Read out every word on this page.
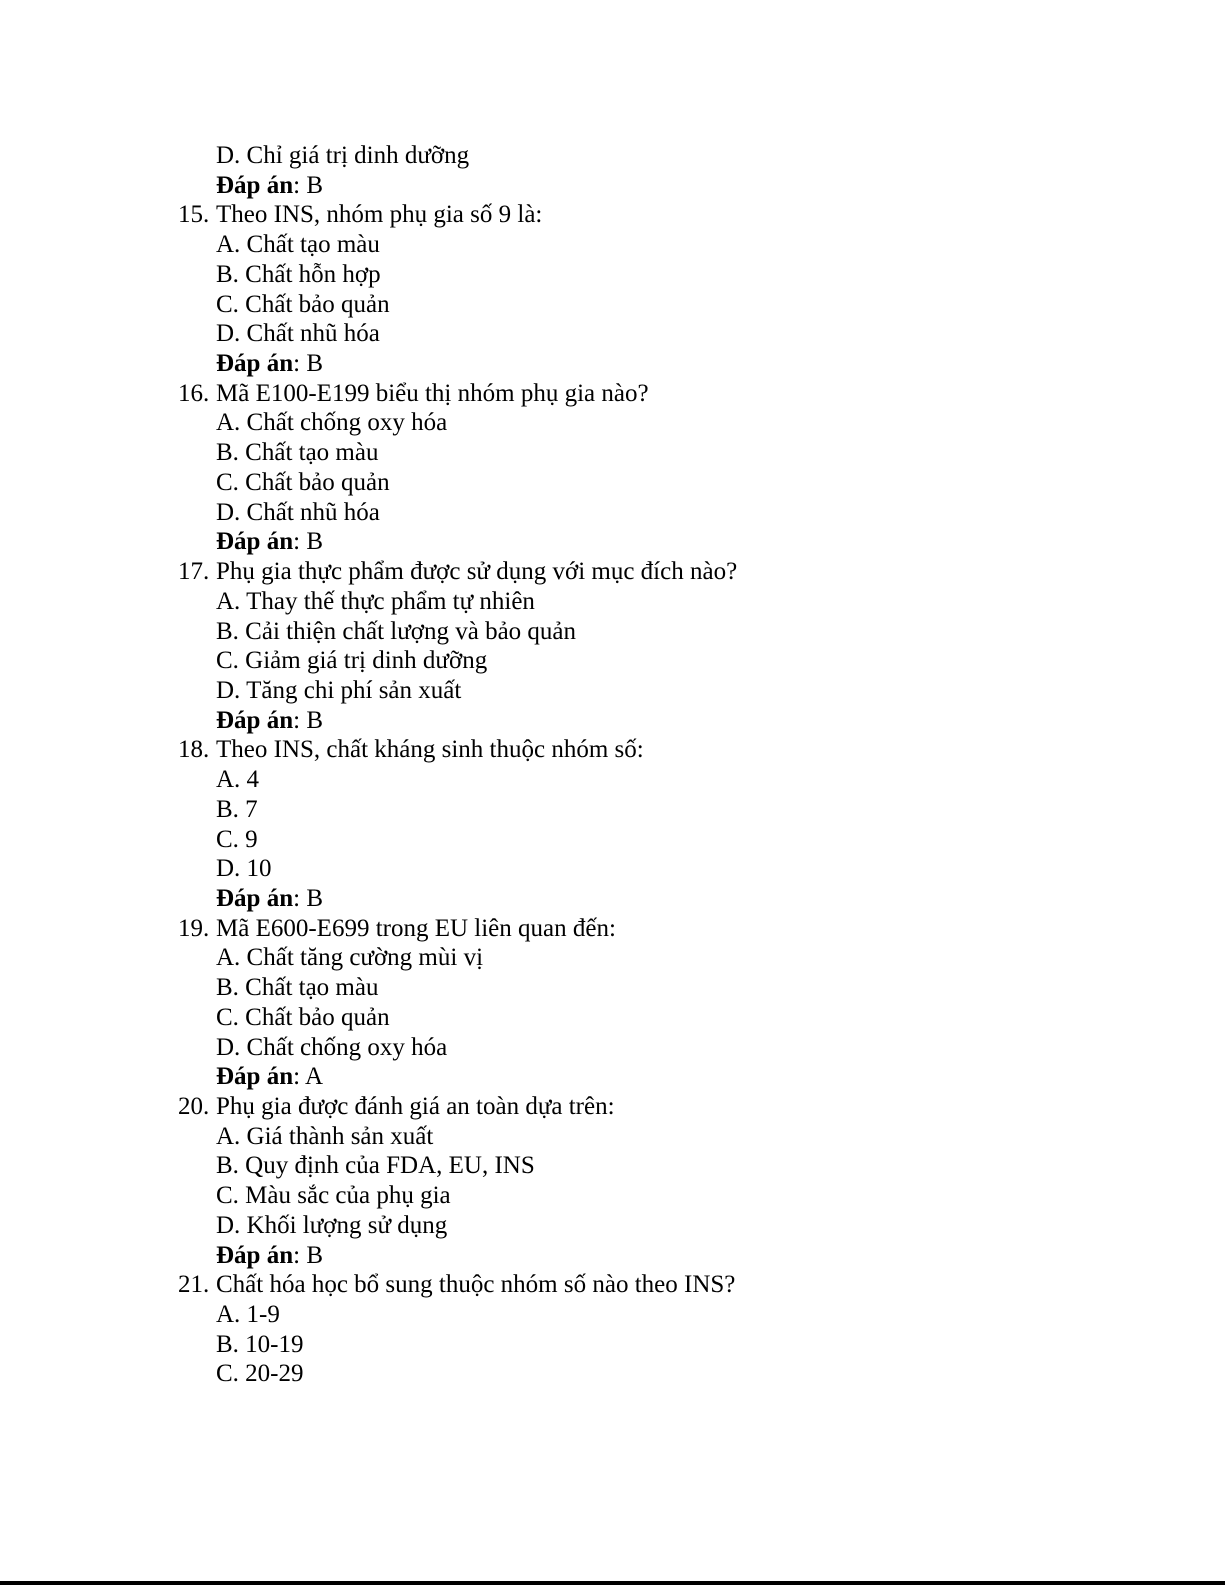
D. Chỉ giá trị dinh dưỡng
Đáp án: B
15. Theo INS, nhóm phụ gia số 9 là:
A. Chất tạo màu
B. Chất hỗn hợp
C. Chất bảo quản
D. Chất nhũ hóa
Đáp án: B
16. Mã E100-E199 biểu thị nhóm phụ gia nào?
A. Chất chống oxy hóa
B. Chất tạo màu
C. Chất bảo quản
D. Chất nhũ hóa
Đáp án: B
17. Phụ gia thực phẩm được sử dụng với mục đích nào?
A. Thay thế thực phẩm tự nhiên
B. Cải thiện chất lượng và bảo quản
C. Giảm giá trị dinh dưỡng
D. Tăng chi phí sản xuất
Đáp án: B
18. Theo INS, chất kháng sinh thuộc nhóm số:
A. 4
B. 7
C. 9
D. 10
Đáp án: B
19. Mã E600-E699 trong EU liên quan đến:
A. Chất tăng cường mùi vị
B. Chất tạo màu
C. Chất bảo quản
D. Chất chống oxy hóa
Đáp án: A
20. Phụ gia được đánh giá an toàn dựa trên:
A. Giá thành sản xuất
B. Quy định của FDA, EU, INS
C. Màu sắc của phụ gia
D. Khối lượng sử dụng
Đáp án: B
21. Chất hóa học bổ sung thuộc nhóm số nào theo INS?
A. 1-9
B. 10-19
C. 20-29
